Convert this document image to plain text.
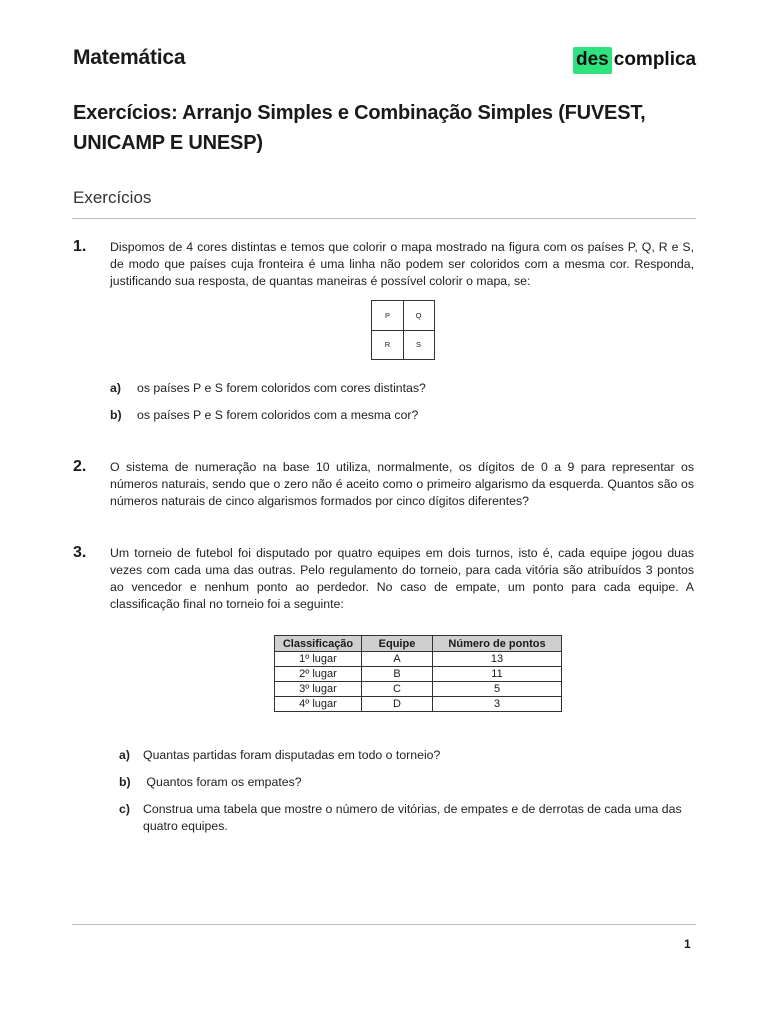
Matemática	des complica
Exercícios: Arranjo Simples e Combinação Simples (FUVEST, UNICAMP E UNESP)
Exercícios
1. Dispomos de 4 cores distintas e temos que colorir o mapa mostrado na figura com os países P, Q, R e S, de modo que países cuja fronteira é uma linha não podem ser coloridos com a mesma cor. Responda, justificando sua resposta, de quantas maneiras é possível colorir o mapa, se:
P	Q
R	S
a) os países P e S forem coloridos com cores distintas?
b) os países P e S forem coloridos com a mesma cor?
2. O sistema de numeração na base 10 utiliza, normalmente, os dígitos de 0 a 9 para representar os números naturais, sendo que o zero não é aceito como o primeiro algarismo da esquerda. Quantos são os números naturais de cinco algarismos formados por cinco dígitos diferentes?
3. Um torneio de futebol foi disputado por quatro equipes em dois turnos, isto é, cada equipe jogou duas vezes com cada uma das outras. Pelo regulamento do torneio, para cada vitória são atribuídos 3 pontos ao vencedor e nenhum ponto ao perdedor. No caso de empate, um ponto para cada equipe. A classificação final no torneio foi a seguinte:
Classificação	Equipe	Número de pontos
1º lugar	A	13
2º lugar	B	11
3º lugar	C	5
4º lugar	D	3
a) Quantas partidas foram disputadas em todo o torneio?
b) Quantos foram os empates?
c)	Construa uma tabela que mostre o número de vitórias, de empates e de derrotas de cada uma das quatro equipes.
1
